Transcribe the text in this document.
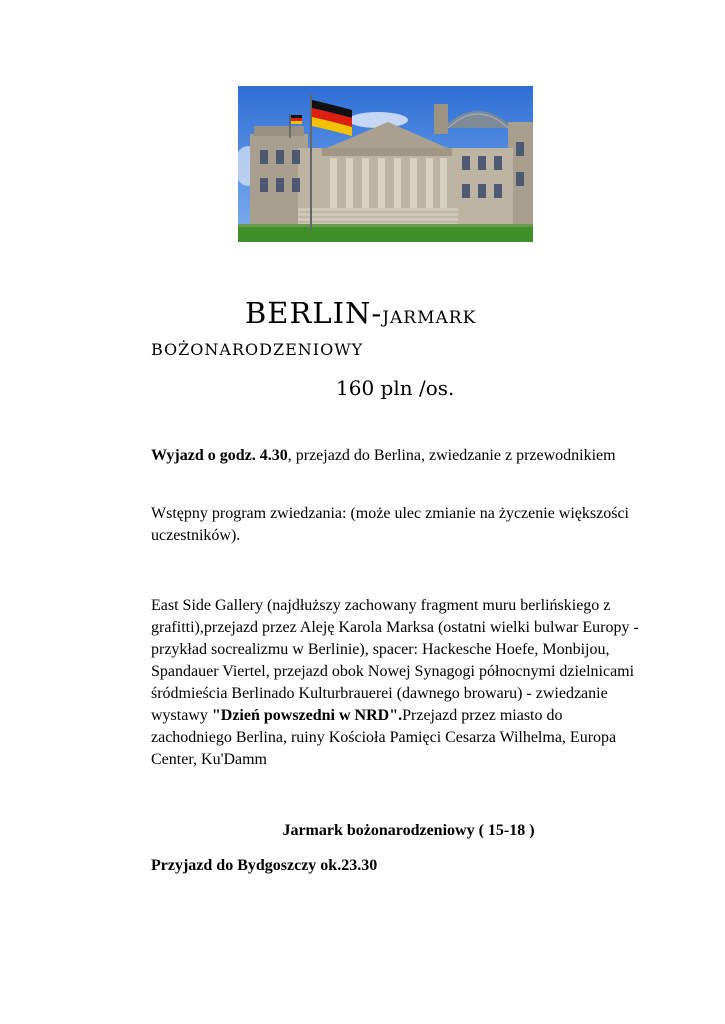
BERLIN-JARMARK
BOŻONARODZENIOWY
160 pln /os.
Wyjazd o godz. 4.30, przejazd do Berlina, zwiedzanie z przewodnikiem
Wstępny program zwiedzania: (może ulec zmianie na życzenie większości uczestników).
East Side Gallery (najdłuższy zachowany fragment muru berlińskiego z grafitti),przejazd przez Aleję Karola Marksa (ostatni wielki bulwar Europy - przykład socrealizmu w Berlinie), spacer: Hackesche Hoefe, Monbijou, Spandauer Viertel, przejazd obok Nowej Synagogi północnymi dzielnicami śródmieścia Berlinado Kulturbrauerei (dawnego browaru) - zwiedzanie wystawy "Dzień powszedni w NRD".Przejazd przez miasto do zachodniego Berlina, ruiny Kościoła Pamięci Cesarza Wilhelma, Europa Center, Ku'Damm
Jarmark bożonarodzeniowy ( 15-18 )
Przyjazd do Bydgoszczy ok.23.30
